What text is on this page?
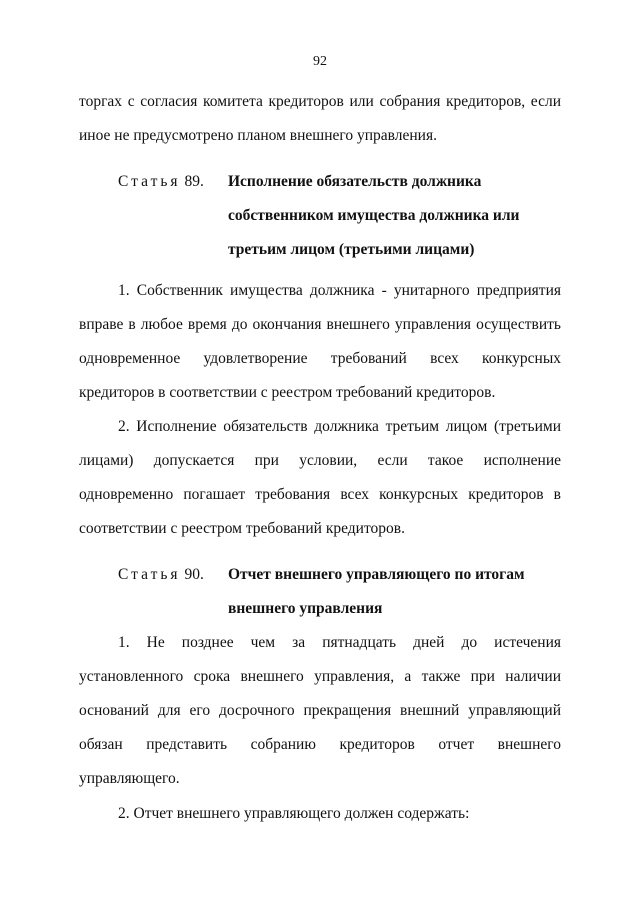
92
торгах с согласия комитета кредиторов или собрания кредиторов, если
иное не предусмотрено планом внешнего управления.
Статья 89. Исполнение обязательств должника
собственником имущества должника или
третьим лицом (третьими лицами)
1. Собственник имущества должника - унитарного предприятия
вправе в любое время до окончания внешнего управления осуществить
одновременное удовлетворение требований всех конкурсных
кредиторов в соответствии с реестром требований кредиторов.
2. Исполнение обязательств должника третьим лицом (третьими
лицами) допускается при условии, если такое исполнение
одновременно погашает требования всех конкурсных кредиторов в
соответствии с реестром требований кредиторов.
Статья 90. Отчет внешнего управляющего по итогам
внешнего управления
1. Не позднее чем за пятнадцать дней до истечения
установленного срока внешнего управления, а также при наличии
оснований для его досрочного прекращения внешний управляющий
обязан представить собранию кредиторов отчет внешнего
управляющего.
2. Отчет внешнего управляющего должен содержать:
